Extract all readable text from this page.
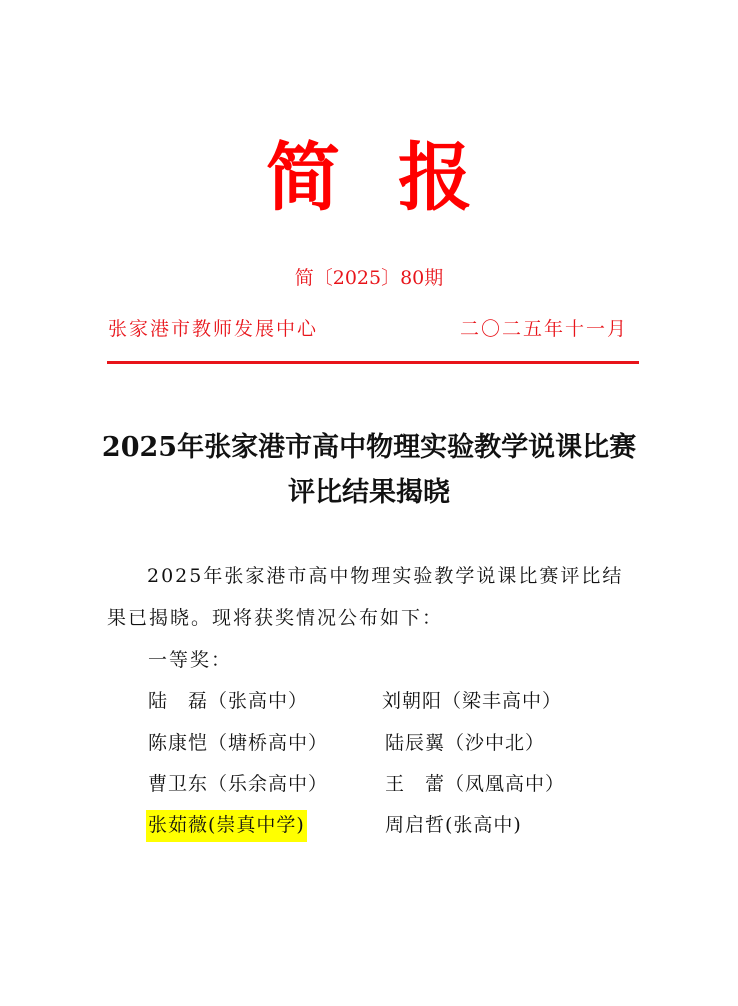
简报
简〔2025〕80期
张家港市教师发展中心	二〇二五年十一月
2025年张家港市高中物理实验教学说课比赛
评比结果揭晓
2025年张家港市高中物理实验教学说课比赛评比结
果已揭晓。现将获奖情况公布如下：
一等奖：
陆　磊（张高中）	刘朝阳（梁丰高中）
陈康恺（塘桥高中）	陆辰翼（沙中北）
曹卫东（乐余高中）	王　蕾（凤凰高中）
张茹薇(崇真中学)	周启哲(张高中)
